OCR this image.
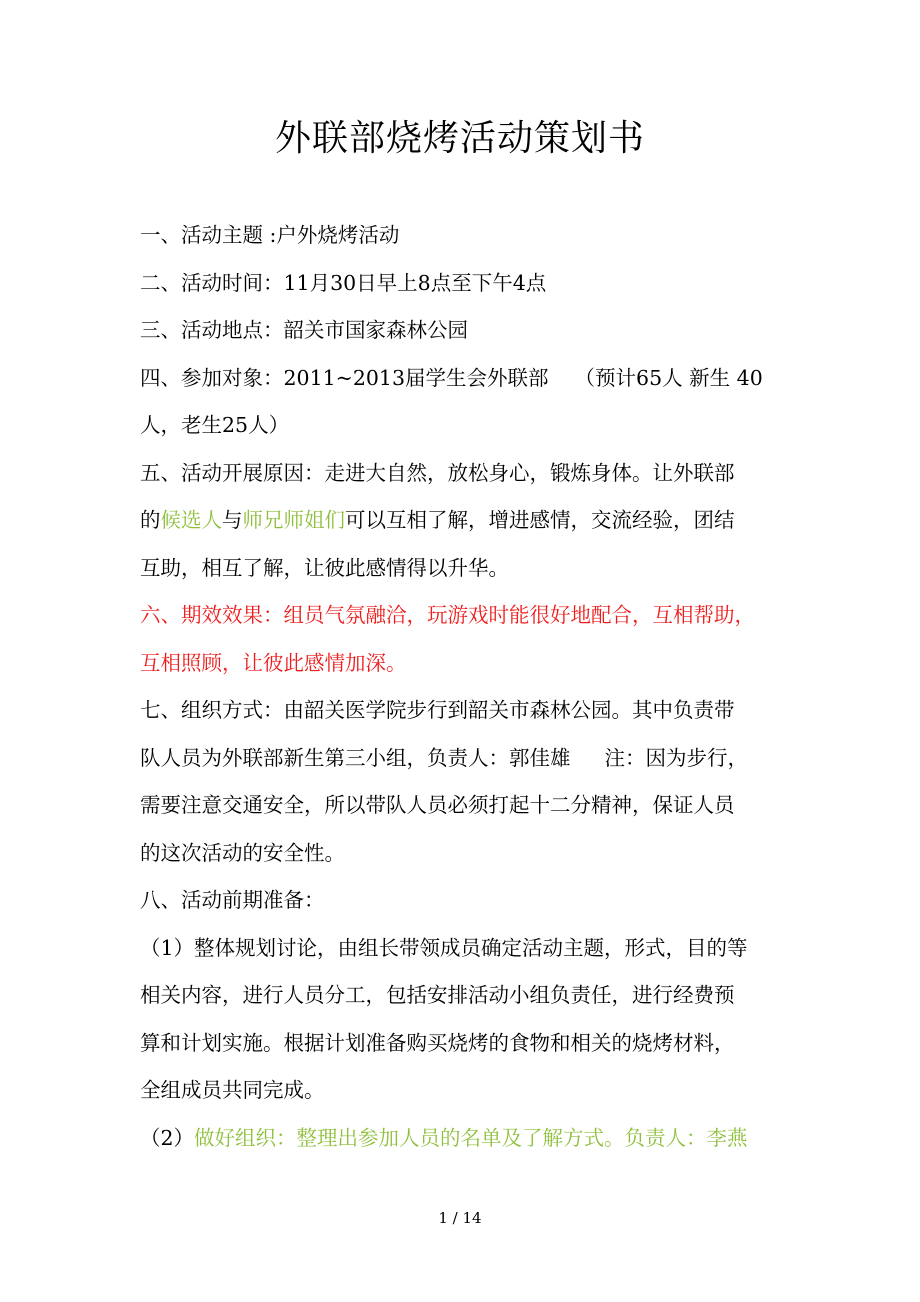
外联部烧烤活动策划书

一、活动主题 :户外烧烤活动

二、活动时间：11月30日早上8点至下午4点

三、活动地点：韶关市国家森林公园

四、参加对象：2011~2013届学生会外联部 （预计65人 新生 40

人，老生25人）

五、活动开展原因：走进大自然，放松身心，锻炼身体。让外联部

的候选人与师兄师姐们可以互相了解，增进感情，交流经验，团结

互助，相互了解，让彼此感情得以升华。

六、期效效果：组员气氛融洽，玩游戏时能很好地配合，互相帮助，

互相照顾，让彼此感情加深。

七、组织方式：由韶关医学院步行到韶关市森林公园。其中负责带

队人员为外联部新生第三小组，负责人：郭佳雄 注：因为步行，

需要注意交通安全，所以带队人员必须打起十二分精神，保证人员

的这次活动的安全性。

八、活动前期准备：

（1）整体规划讨论，由组长带领成员确定活动主题，形式，目的等

相关内容，进行人员分工，包括安排活动小组负责任，进行经费预

算和计划实施。根据计划准备购买烧烤的食物和相关的烧烤材料，

全组成员共同完成。

（2）做好组织：整理出参加人员的名单及了解方式。负责人：李燕

1 / 14
